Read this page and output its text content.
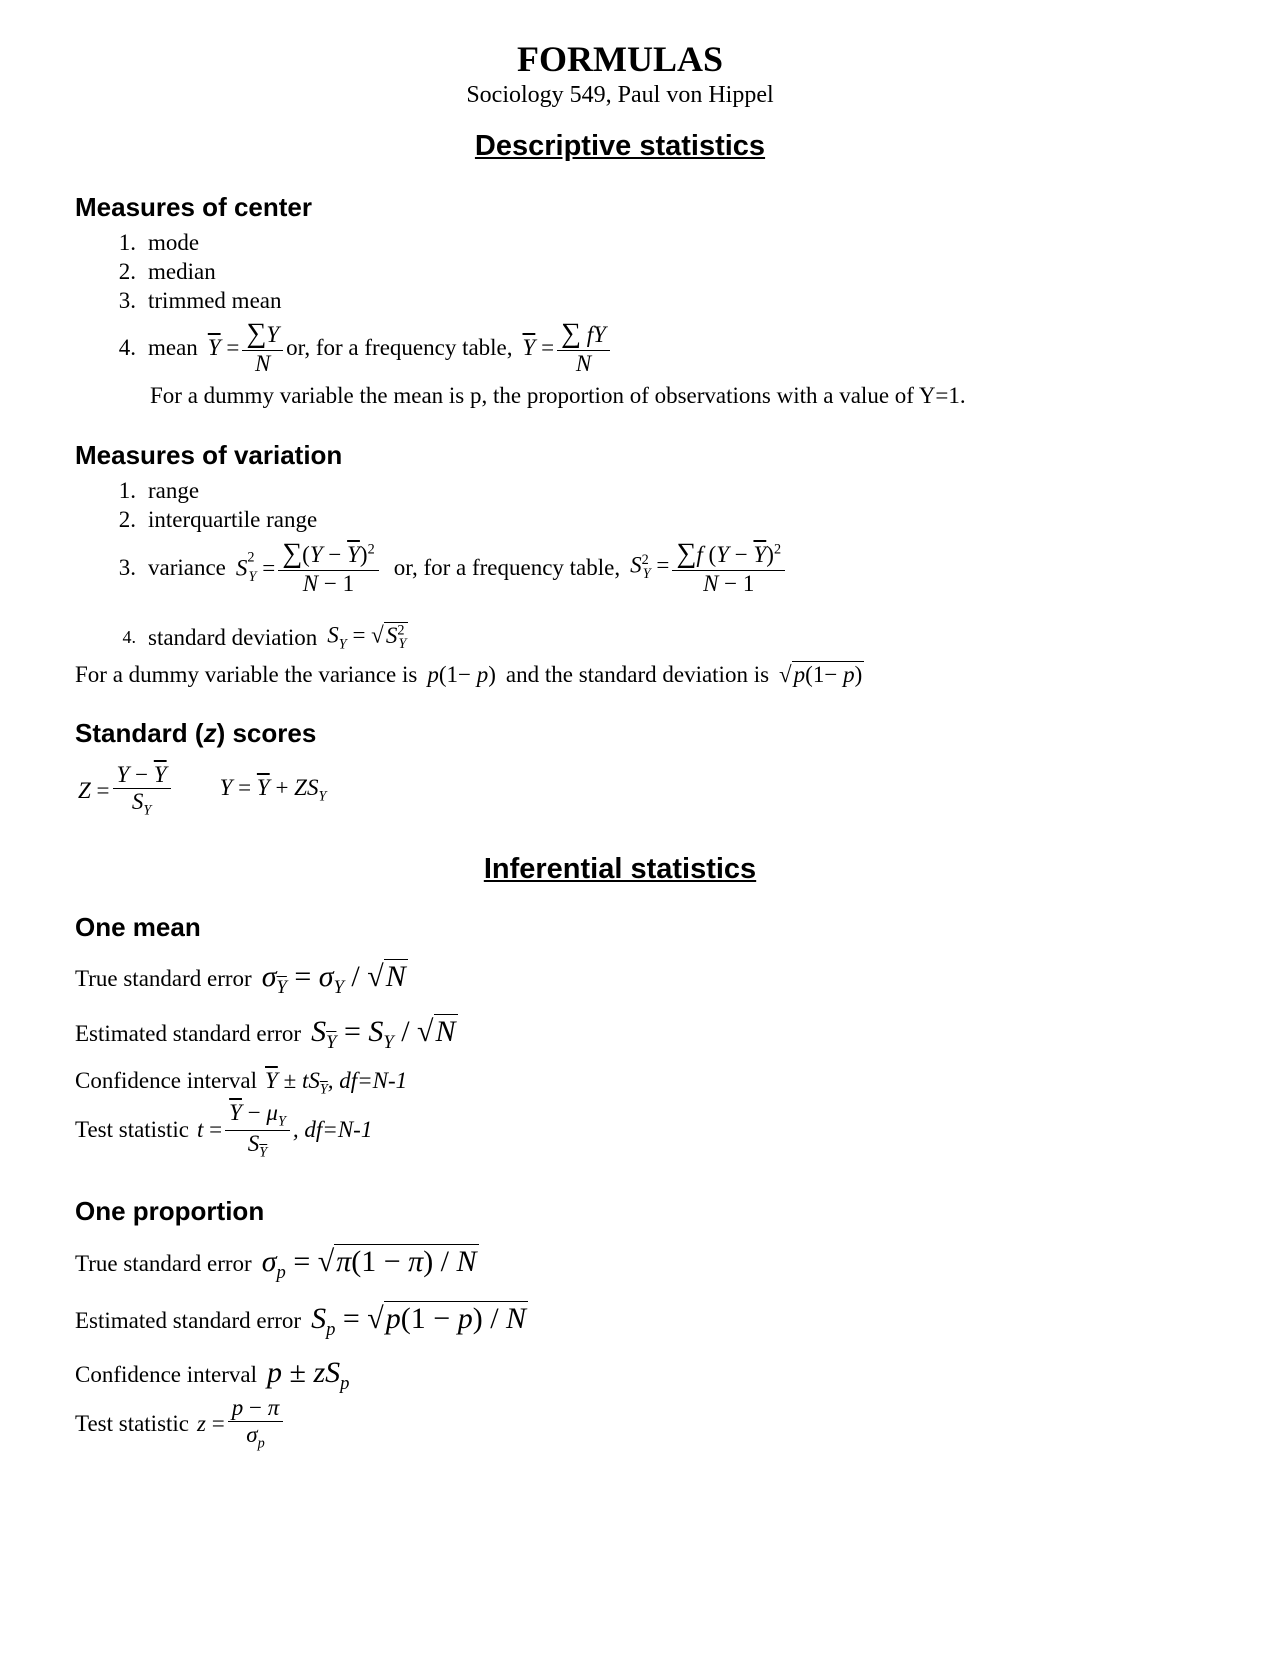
FORMULAS
Sociology 549, Paul von Hippel
Descriptive statistics
Measures of center
1. mode
2. median
3. trimmed mean
4. mean $\overline{Y} = \frac{\sum Y}{N}$ or, for a frequency table, $\overline{Y} = \frac{\sum fY}{N}$
For a dummy variable the mean is p, the proportion of observations with a value of Y=1.
Measures of variation
1. range
2. interquartile range
3. variance $S^{^2}_Y = \frac{\sum(Y - \overline{Y})^2}{N - 1}$ or, for a frequency table, $S^2_Y = \frac{\sum f (Y - \overline{Y})^2}{N - 1}$
4. standard deviation $S_Y = √S^2_Y$
For a dummy variable the variance is p(1− p) and the standard deviation is √p(1− p)
Standard (z) scores
$Z = \frac{Y - \overline{Y}}{S_Y}$ $Y = \overline{Y} + ZS_Y$
Inferential statistics
One mean
True standard error $\sigma_{\overline{Y}} = \sigma_Y / √N$
Estimated standard error $S_{\overline{Y}} = S_Y / √N$
Confidence interval $\overline{Y} \pm tS_{\overline{Y}}$ , df=N-1
Test statistic $t = \frac{\overline{Y} - \mu_Y}{S_{\overline{Y}}}$ , df=N-1
One proportion
True standard error $\sigma_p = √\pi(1 - \pi) / N$
Estimated standard error $S_p = √p(1 - p) / N$
Confidence interval $p \pm zS_p$
Test statistic $z = \frac{p - \pi}{\sigma_p}$
